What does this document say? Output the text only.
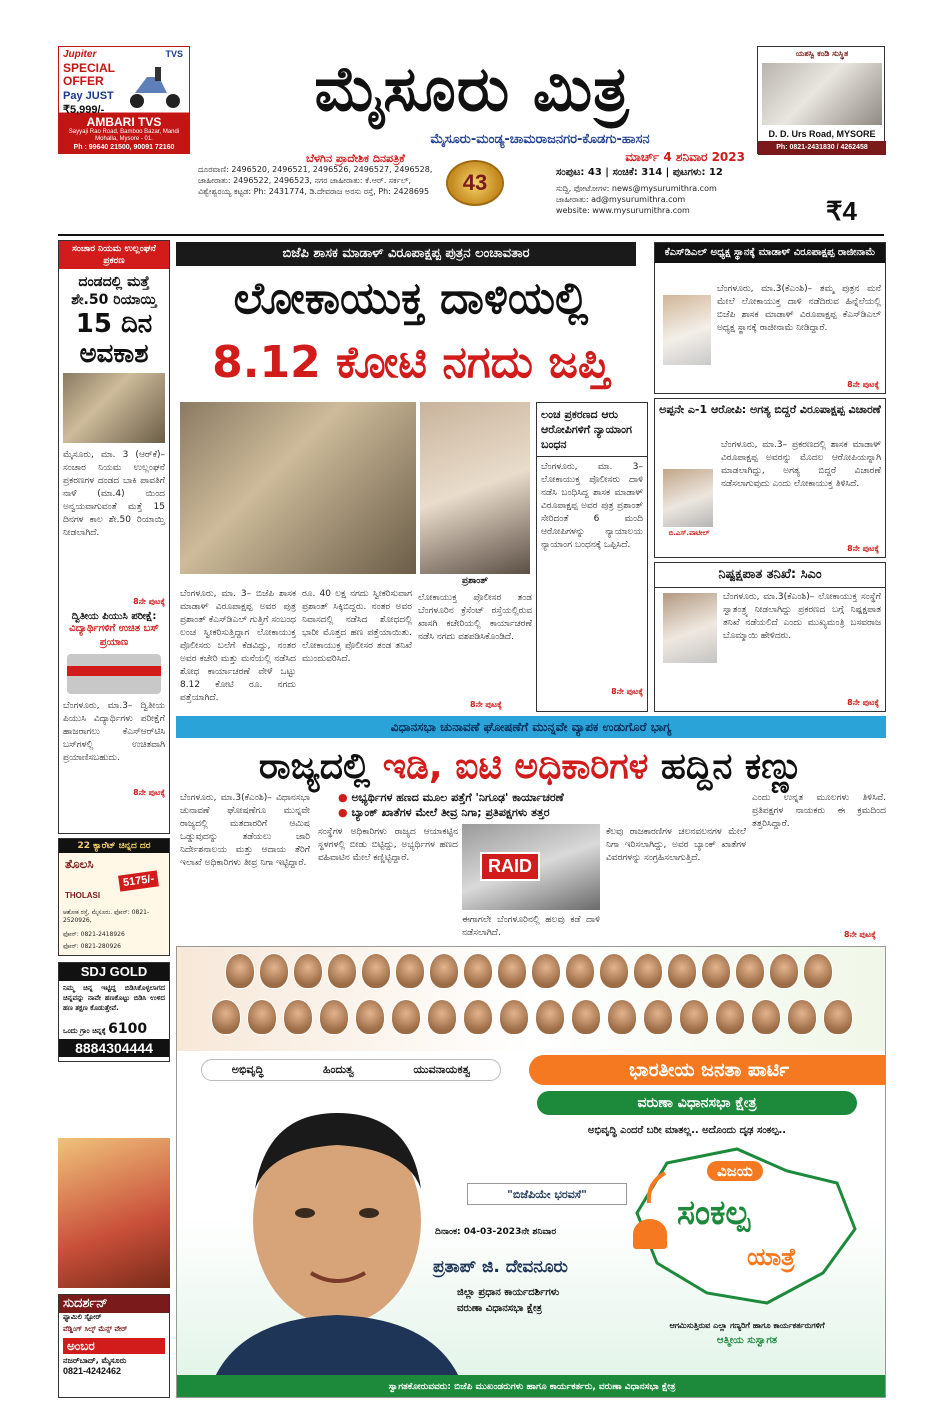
Jupiter	TVS
SPECIAL OFFER
Pay JUST
₹5,999/-
AMBARI TVS
Sayyaji Rao Road, Bamboo Bazar, Mandi Mohalla, Mysore - 01.
Ph : 99640 21500, 90091 72160
ಮೈಸೂರು ಮಿತ್ರ
ಮೈಸೂರು-ಮಂಡ್ಯ-ಚಾಮರಾಜನಗರ-ಕೊಡಗು-ಹಾಸನ
ಬೆಳಗಿನ ಪ್ರಾದೇಶಿಕ ದಿನಪತ್ರಿಕೆ	ಮಾರ್ಚ್ 4 ಶನಿವಾರ 2023
ಯಶಸ್ವಿ ಕಂಡಿ ಸುಸ್ಥಿತ
D. D. Urs Road, MYSORE
Ph: 0821-2431830 / 4262458
ದೂರವಾಣಿ: 2496520, 2496521, 2496526, 2496527, 2496528,
ಜಾಹೀರಾತು: 2496522, 2496523, ನಗರ ಜಾಹೀರಾತು: ಕೆ.ಆರ್. ಸರ್ಕಲ್,
ವಿಶ್ವೇಶ್ವರಯ್ಯ ಕಟ್ಟಡ: Ph: 2431774, ಡಿ.ದೇವರಾಜ ಅರಸು ರಸ್ತೆ, Ph: 2428695	43	ಸಂಪುಟ: 43 | ಸಂಚಿಕೆ: 314 | ಪುಟಗಳು: 12
ಸುದ್ದಿ, ಫೋಟೋಗಳ: news@mysurumithra.com
ಜಾಹೀರಾತು: ad@mysurumithra.com
website: www.mysurumithra.com	₹4
ಸಂಚಾರ ನಿಯಮ ಉಲ್ಲಂಘನೆ ಪ್ರಕರಣ
ದಂಡದಲ್ಲಿ ಮತ್ತೆ
ಶೇ.50 ರಿಯಾಯ್ತಿ
15 ದಿನ
ಅವಕಾಶ
ಮೈಸೂರು, ಮಾ. 3 (ಆರ್‌ಕೆ)– ಸಂಚಾರ ನಿಯಮ ಉಲ್ಲಂಘನೆ ಪ್ರಕರಣಗಳ ದಂಡದ ಬಾಕಿ ಪಾವತಿಗೆ ನಾಳೆ (ಮಾ.4) ಯಿಂದ ಅನ್ವಯವಾಗುವಂತೆ ಮತ್ತೆ 15 ದಿನಗಳ ಕಾಲ ಶೇ.50 ರಿಯಾಯ್ತಿ ನೀಡಲಾಗಿದೆ.
8ನೇ ಪುಟಕ್ಕೆ
ದ್ವಿತೀಯ ಪಿಯುಸಿ ಪರೀಕ್ಷೆ:
ವಿದ್ಯಾರ್ಥಿಗಳಿಗೆ ಉಚಿತ ಬಸ್ ಪ್ರಯಾಣ
ಬೆಂಗಳೂರು, ಮಾ.3– ದ್ವಿತೀಯ ಪಿಯುಸಿ ವಿದ್ಯಾರ್ಥಿಗಳು ಪರೀಕ್ಷೆಗೆ ಹಾಜರಾಗಲು ಕೆಎಸ್‌ಆರ್‌ಟಿಸಿ ಬಸ್‌ಗಳಲ್ಲಿ ಉಚಿತವಾಗಿ ಪ್ರಯಾಣಿಸಬಹುದು.
8ನೇ ಪುಟಕ್ಕೆ
22 ಕ್ಯಾರೆಟ್ ಚಿನ್ನದ ದರ
ತೊಲಸಿ
THOLASI
5175/-
ಆಶೋಕ ರಸ್ತೆ, ಮೈಸೂರು. ಫೋನ್: 0821-2520926,
ಫೋನ್: 0821-2418926
ಫೋನ್: 0821-280926
SDJ GOLD
ನಿಮ್ಮ ಚಿನ್ನ ಇಟ್ಟಿದ್ದ ಬಿಡಿಸಿಕೊಳ್ಳಲಾಗದ ಚಿನ್ನವನ್ನು ನಾವೇ ಹಣಕೊಟ್ಟು ಬಿಡಿಸಿ ಉಳಿದ ಹಣ ತಕ್ಷಣ ಕೊಡುತ್ತೇವೆ.
ಒಂದು ಗ್ರಾಂ ಚಿನ್ನಕ್ಕೆ 6100
8884304444
ಸುದರ್ಶನ್
ಫ್ಯಾಮಿಲಿ ಸ್ಟೋರ್
ವೆಡ್ಡಿಂಗ್ ಸಿಲ್ಕ್ ಮೆನ್ಸ್ ವೇರ್
ಅಂಬರ
ನಜರ್‌ಬಾದ್, ಮೈಸೂರು
0821-4242462
ಬಿಜೆಪಿ ಶಾಸಕ ಮಾಡಾಳ್ ವಿರೂಪಾಕ್ಷಪ್ಪ ಪುತ್ರನ ಲಂಚಾವತಾರ
ಲೋಕಾಯುಕ್ತ ದಾಳಿಯಲ್ಲಿ
8.12 ಕೋಟಿ ನಗದು ಜಪ್ತಿ
ಪ್ರಶಾಂತ್
ಬೆಂಗಳೂರು, ಮಾ. 3– ಬಿಜೆಪಿ ಶಾಸಕ ಮಾಡಾಳ್ ವಿರೂಪಾಕ್ಷಪ್ಪ ಅವರ ಪುತ್ರ ಪ್ರಶಾಂತ್ ಕೆಎಸ್‌ಡಿಎಲ್ ಗುತ್ತಿಗೆ ಸಂಬಂಧ ಲಂಚ ಸ್ವೀಕರಿಸುತ್ತಿದ್ದಾಗ ಲೋಕಾಯುಕ್ತ ಪೊಲೀಸರು ಬಲೆಗೆ ಕೆಡವಿದ್ದು, ನಂತರ ಅವರ ಕಚೇರಿ ಮತ್ತು ಮನೆಯಲ್ಲಿ ನಡೆಸಿದ ಶೋಧ ಕಾರ್ಯಾಚರಣೆ ವೇಳೆ ಒಟ್ಟು 8.12 ಕೋಟಿ ರೂ. ನಗದು ಪತ್ತೆಯಾಗಿದೆ.
ರೂ. 40 ಲಕ್ಷ ನಗದು ಸ್ವೀಕರಿಸುವಾಗ ಪ್ರಶಾಂತ್ ಸಿಕ್ಕಿಬಿದ್ದರು. ನಂತರ ಅವರ ನಿವಾಸದಲ್ಲಿ ನಡೆಸಿದ ಶೋಧದಲ್ಲಿ ಭಾರೀ ಮೊತ್ತದ ಹಣ ಪತ್ತೆಯಾಯಿತು. ಲೋಕಾಯುಕ್ತ ಪೊಲೀಸರ ತಂಡ ತನಿಖೆ ಮುಂದುವರಿಸಿದೆ.
ಲೋಕಾಯುಕ್ತ ಪೊಲೀಸರ ತಂಡ ಬೆಂಗಳೂರಿನ ಕ್ರೆಸೆಂಟ್ ರಸ್ತೆಯಲ್ಲಿರುವ ಖಾಸಗಿ ಕಚೇರಿಯಲ್ಲಿ ಕಾರ್ಯಾಚರಣೆ ನಡೆಸಿ ನಗದು ವಶಪಡಿಸಿಕೊಂಡಿದೆ.
8ನೇ ಪುಟಕ್ಕೆ
ಲಂಚ ಪ್ರಕರಣದ ಆರು ಆರೋಪಿಗಳಿಗೆ ನ್ಯಾಯಾಂಗ ಬಂಧನ
ಬೆಂಗಳೂರು, ಮಾ. 3– ಲೋಕಾಯುಕ್ತ ಪೊಲೀಸರು ದಾಳಿ ನಡೆಸಿ ಬಂಧಿಸಿದ್ದ ಶಾಸಕ ಮಾಡಾಳ್ ವಿರೂಪಾಕ್ಷಪ್ಪ ಅವರ ಪುತ್ರ ಪ್ರಶಾಂತ್ ಸೇರಿದಂತೆ 6 ಮಂದಿ ಆರೋಪಿಗಳನ್ನು ನ್ಯಾಯಾಲಯ ನ್ಯಾಯಾಂಗ ಬಂಧನಕ್ಕೆ ಒಪ್ಪಿಸಿದೆ.
8ನೇ ಪುಟಕ್ಕೆ
ಕೆಎಸ್‌ಡಿಎಲ್ ಅಧ್ಯಕ್ಷ ಸ್ಥಾನಕ್ಕೆ ಮಾಡಾಳ್ ವಿರೂಪಾಕ್ಷಪ್ಪ ರಾಜೀನಾಮೆ
ಬೆಂಗಳೂರು, ಮಾ.3(ಕೆಎಂಶಿ)– ತಮ್ಮ ಪುತ್ರನ ಮನೆ ಮೇಲೆ ಲೋಕಾಯುಕ್ತ ದಾಳಿ ನಡೆದಿರುವ ಹಿನ್ನೆಲೆಯಲ್ಲಿ ಬಿಜೆಪಿ ಶಾಸಕ ಮಾಡಾಳ್ ವಿರೂಪಾಕ್ಷಪ್ಪ ಕೆಎಸ್‌ಡಿಎಲ್ ಅಧ್ಯಕ್ಷ ಸ್ಥಾನಕ್ಕೆ ರಾಜೀನಾಮೆ ನೀಡಿದ್ದಾರೆ.
8ನೇ ಪುಟಕ್ಕೆ
ಅಪ್ಪನೇ ಎ-1 ಆರೋಪಿ: ಅಗತ್ಯ ಬಿದ್ದರೆ ವಿರೂಪಾಕ್ಷಪ್ಪ ವಿಚಾರಣೆ
ಬಿ.ಎಸ್.ಪಾಟೀಲ್
ಬೆಂಗಳೂರು, ಮಾ.3– ಪ್ರಕರಣದಲ್ಲಿ ಶಾಸಕ ಮಾಡಾಳ್ ವಿರೂಪಾಕ್ಷಪ್ಪ ಅವರನ್ನು ಮೊದಲ ಆರೋಪಿಯನ್ನಾಗಿ ಮಾಡಲಾಗಿದ್ದು, ಅಗತ್ಯ ಬಿದ್ದರೆ ವಿಚಾರಣೆ ನಡೆಸಲಾಗುವುದು ಎಂದು ಲೋಕಾಯುಕ್ತ ತಿಳಿಸಿದೆ.
8ನೇ ಪುಟಕ್ಕೆ
ನಿಷ್ಪಕ್ಷಪಾತ ತನಿಖೆ: ಸಿಎಂ
ಬೆಂಗಳೂರು, ಮಾ.3(ಕೆಎಂಶಿ)– ಲೋಕಾಯುಕ್ತ ಸಂಸ್ಥೆಗೆ ಸ್ವಾತಂತ್ರ್ಯ ನೀಡಲಾಗಿದ್ದು ಪ್ರಕರಣದ ಬಗ್ಗೆ ನಿಷ್ಪಕ್ಷಪಾತ ತನಿಖೆ ನಡೆಯಲಿದೆ ಎಂದು ಮುಖ್ಯಮಂತ್ರಿ ಬಸವರಾಜ ಬೊಮ್ಮಾಯಿ ಹೇಳಿದರು.
8ನೇ ಪುಟಕ್ಕೆ
ವಿಧಾನಸಭಾ ಚುನಾವಣೆ ಘೋಷಣೆಗೆ ಮುನ್ನವೇ ವ್ಯಾಪಕ ಉಡುಗೊರೆ ಭಾಗ್ಯ
ರಾಜ್ಯದಲ್ಲಿ ಇಡಿ, ಐಟಿ ಅಧಿಕಾರಿಗಳ ಹದ್ದಿನ ಕಣ್ಣು
ಬೆಂಗಳೂರು, ಮಾ.3(ಕೆಎಂಶಿ)– ವಿಧಾನಸಭಾ ಚುನಾವಣೆ ಘೋಷಣೆಗೂ ಮುನ್ನವೇ ರಾಜ್ಯದಲ್ಲಿ ಮತದಾರರಿಗೆ ಆಮಿಷ ಒಡ್ಡುವುದನ್ನು ತಡೆಯಲು ಜಾರಿ ನಿರ್ದೇಶನಾಲಯ ಮತ್ತು ಆದಾಯ ತೆರಿಗೆ ಇಲಾಖೆ ಅಧಿಕಾರಿಗಳು ತೀವ್ರ ನಿಗಾ ಇಟ್ಟಿದ್ದಾರೆ.
● ಅಭ್ಯರ್ಥಿಗಳ ಹಣದ ಮೂಲ ಪತ್ತೆಗೆ 'ನಿಗೂಢ' ಕಾರ್ಯಾಚರಣೆ
● ಬ್ಯಾಂಕ್ ಖಾತೆಗಳ ಮೇಲೆ ತೀವ್ರ ನಿಗಾ; ಪ್ರತಿಪಕ್ಷಗಳು ತತ್ತರ
ಸಂಸ್ಥೆಗಳ ಅಧಿಕಾರಿಗಳು ರಾಜ್ಯದ ಆಯಾಕಟ್ಟಿನ ಸ್ಥಳಗಳಲ್ಲಿ ಬೀಡು ಬಿಟ್ಟಿದ್ದು, ಅಭ್ಯರ್ಥಿಗಳ ಹಣದ ವಹಿವಾಟಿನ ಮೇಲೆ ಕಣ್ಣಿಟ್ಟಿದ್ದಾರೆ.	RAID
ಈಗಾಗಲೇ ಬೆಂಗಳೂರಿನಲ್ಲಿ ಹಲವು ಕಡೆ ದಾಳಿ ನಡೆಸಲಾಗಿದೆ.
ಕೆಲವು ರಾಜಕಾರಣಿಗಳ ಚಲನವಲನಗಳ ಮೇಲೆ ನಿಗಾ ಇರಿಸಲಾಗಿದ್ದು, ಅವರ ಬ್ಯಾಂಕ್ ಖಾತೆಗಳ ವಿವರಗಳನ್ನು ಸಂಗ್ರಹಿಸಲಾಗುತ್ತಿದೆ.
ಎಂದು ಉನ್ನತ ಮೂಲಗಳು ತಿಳಿಸಿವೆ. ಪ್ರತಿಪಕ್ಷಗಳ ನಾಯಕರು ಈ ಕ್ರಮದಿಂದ ತತ್ತರಿಸಿದ್ದಾರೆ.
8ನೇ ಪುಟಕ್ಕೆ
ಅಭಿವೃದ್ಧಿ	ಹಿಂದುತ್ವ	ಯುವನಾಯಕತ್ವ	ಭಾರತೀಯ ಜನತಾ ಪಾರ್ಟಿ
ವರುಣಾ ವಿಧಾನಸಭಾ ಕ್ಷೇತ್ರ
ಅಭಿವೃದ್ಧಿ ಎಂದರೆ ಬರೀ ಮಾತಲ್ಲ.. ಅದೊಂದು ದೃಢ ಸಂಕಲ್ಪ..
"ಬಿಜೆಪಿಯೇ ಭರವಸೆ"
ದಿನಾಂಕ: 04-03-2023ನೇ ಶನಿವಾರ
ಪ್ರತಾಪ್ ಜಿ. ದೇವನೂರು
ಜಿಲ್ಲಾ ಪ್ರಧಾನ ಕಾರ್ಯದರ್ಶಿಗಳು
ವರುಣಾ ವಿಧಾನಸಭಾ ಕ್ಷೇತ್ರ
ವಿಜಯ
ಸಂಕಲ್ಪ
ಯಾತ್ರೆ
ಆಗಮಿಸುತ್ತಿರುವ ಎಲ್ಲಾ ಗಣ್ಯರಿಗೆ ಹಾಗೂ ಕಾರ್ಯಕರ್ತರುಗಳಿಗೆ
ಆತ್ಮೀಯ ಸುಸ್ವಾಗತ
ಸ್ವಾಗತಕೋರುವವರು: ಬಿಜೆಪಿ ಮುಖಂಡರುಗಳು ಹಾಗೂ ಕಾರ್ಯಕರ್ತರು, ವರುಣಾ ವಿಧಾನಸಭಾ ಕ್ಷೇತ್ರ
